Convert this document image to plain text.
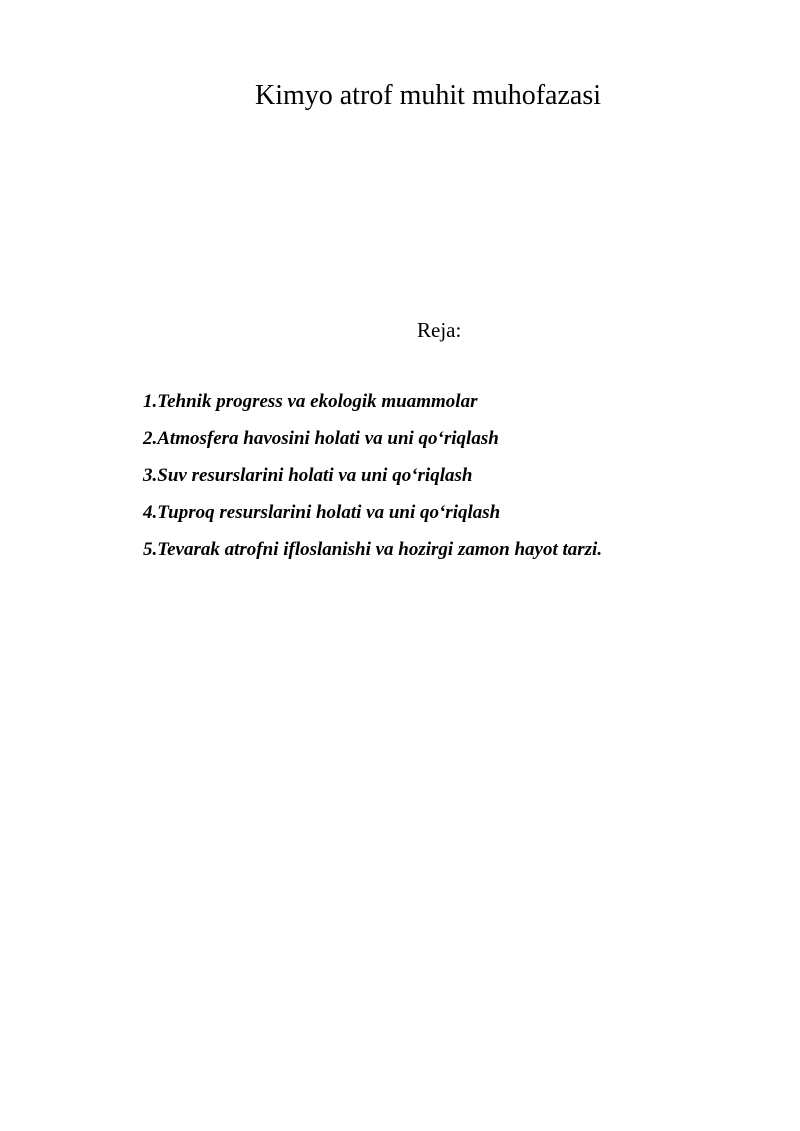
Kimyo atrof muhit muhofazasi
Reja:
1.Tehnik progress va ekologik muammolar
2.Atmosfera havosini holati va uni qo‘riqlash
3.Suv resurslarini holati va uni qo‘riqlash
4.Tuproq resurslarini holati va uni qo‘riqlash
5.Tevarak atrofni ifloslanishi va hozirgi zamon hayot tarzi.
